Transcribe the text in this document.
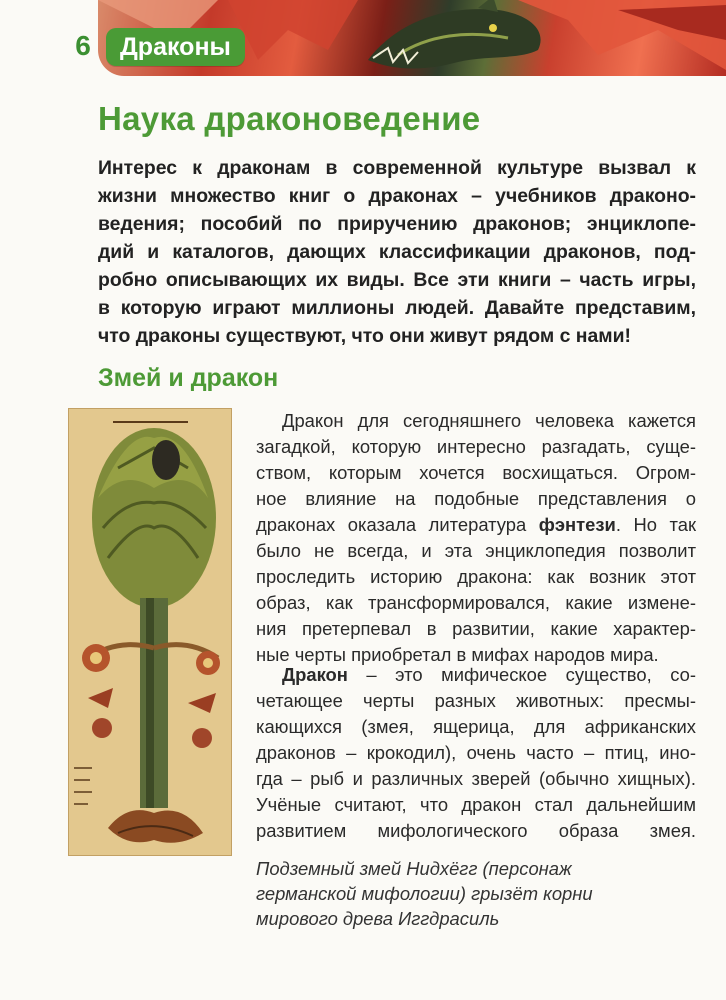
6	Драконы
Наука драконоведение

Интерес к драконам в современной культуре вызвал к
жизни множество книг о драконах – учебников драконо-
ведения; пособий по приручению драконов; энциклопе-
дий и каталогов, дающих классификации драконов, под-
робно описывающих их виды. Все эти книги – часть игры,
в которую играют миллионы людей. Давайте представим,
что драконы существуют, что они живут рядом с нами!

Змей и дракон

Дракон для сегодняшнего человека кажется
загадкой, которую интересно разгадать, суще-
ством, которым хочется восхищаться. Огром-
ное влияние на подобные представления о
драконах оказала литература фэнтези. Но так
было не всегда, и эта энциклопедия позволит
проследить историю дракона: как возник этот
образ, как трансформировался, какие измене-
ния претерпевал в развитии, какие характер-
ные черты приобретал в мифах народов мира.

Дракон – это мифическое существо, со-
четающее черты разных животных: пресмы-
кающихся (змея, ящерица, для африканских
драконов – крокодил), очень часто – птиц, ино-
гда – рыб и различных зверей (обычно хищных).
Учёные считают, что дракон стал дальнейшим
развитием мифологического образа змея.

Подземный змей Нидхёгг (персонаж
германской мифологии) грызёт корни
мирового древа Иггдрасиль
